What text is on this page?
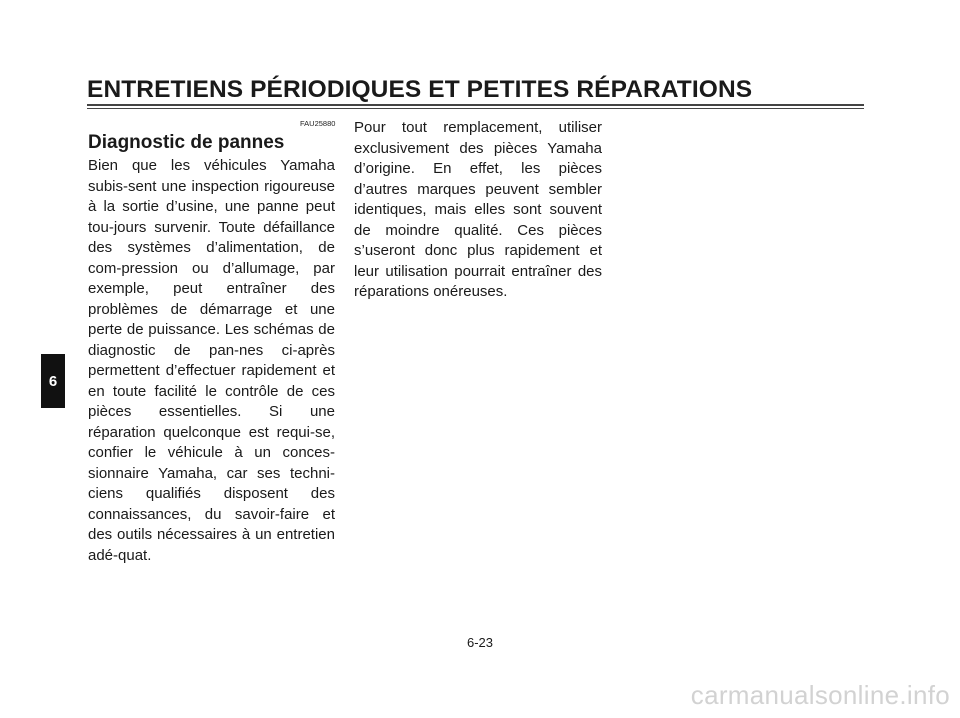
ENTRETIENS PÉRIODIQUES ET PETITES RÉPARATIONS
FAU25880
Diagnostic de pannes
Bien que les véhicules Yamaha subis-sent une inspection rigoureuse à la sortie d’usine, une panne peut tou-jours survenir. Toute défaillance des systèmes d’alimentation, de com-pression ou d’allumage, par exemple, peut entraîner des problèmes de démarrage et une perte de puissance. Les schémas de diagnostic de pan-nes ci-après permettent d’effectuer rapidement et en toute facilité le contrôle de ces pièces essentielles. Si une réparation quelconque est requi-se, confier le véhicule à un conces-sionnaire Yamaha, car ses techni-ciens qualifiés disposent des connaissances, du savoir-faire et des outils nécessaires à un entretien adé-quat.
Pour tout remplacement, utiliser exclusivement des pièces Yamaha d’origine. En effet, les pièces d’autres marques peuvent sembler identiques, mais elles sont souvent de moindre qualité. Ces pièces s’useront donc plus rapidement et leur utilisation pourrait entraîner des réparations onéreuses.
6
6-23
carmanualsonline.info
